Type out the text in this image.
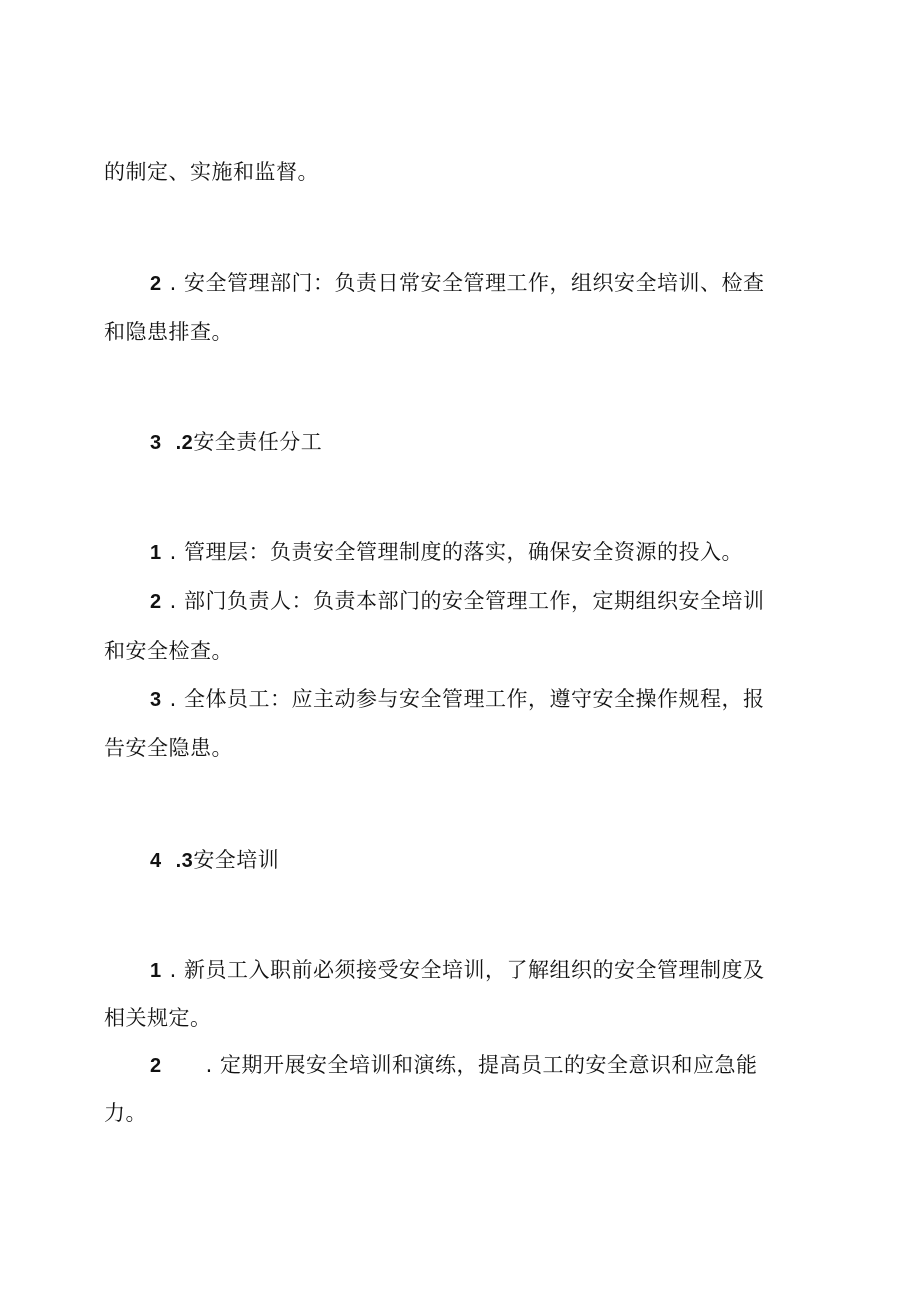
的制定、实施和监督。
2 . 安全管理部门：负责日常安全管理工作，组织安全培训、检查
和隐患排查。
3 .2安全责任分工
1 . 管理层：负责安全管理制度的落实，确保安全资源的投入。
2 . 部门负责人：负责本部门的安全管理工作，定期组织安全培训
和安全检查。
3 . 全体员工：应主动参与安全管理工作，遵守安全操作规程，报
告安全隐患。
4 .3安全培训
1 . 新员工入职前必须接受安全培训，了解组织的安全管理制度及
相关规定。
2 . 定期开展安全培训和演练，提高员工的安全意识和应急能
力。
